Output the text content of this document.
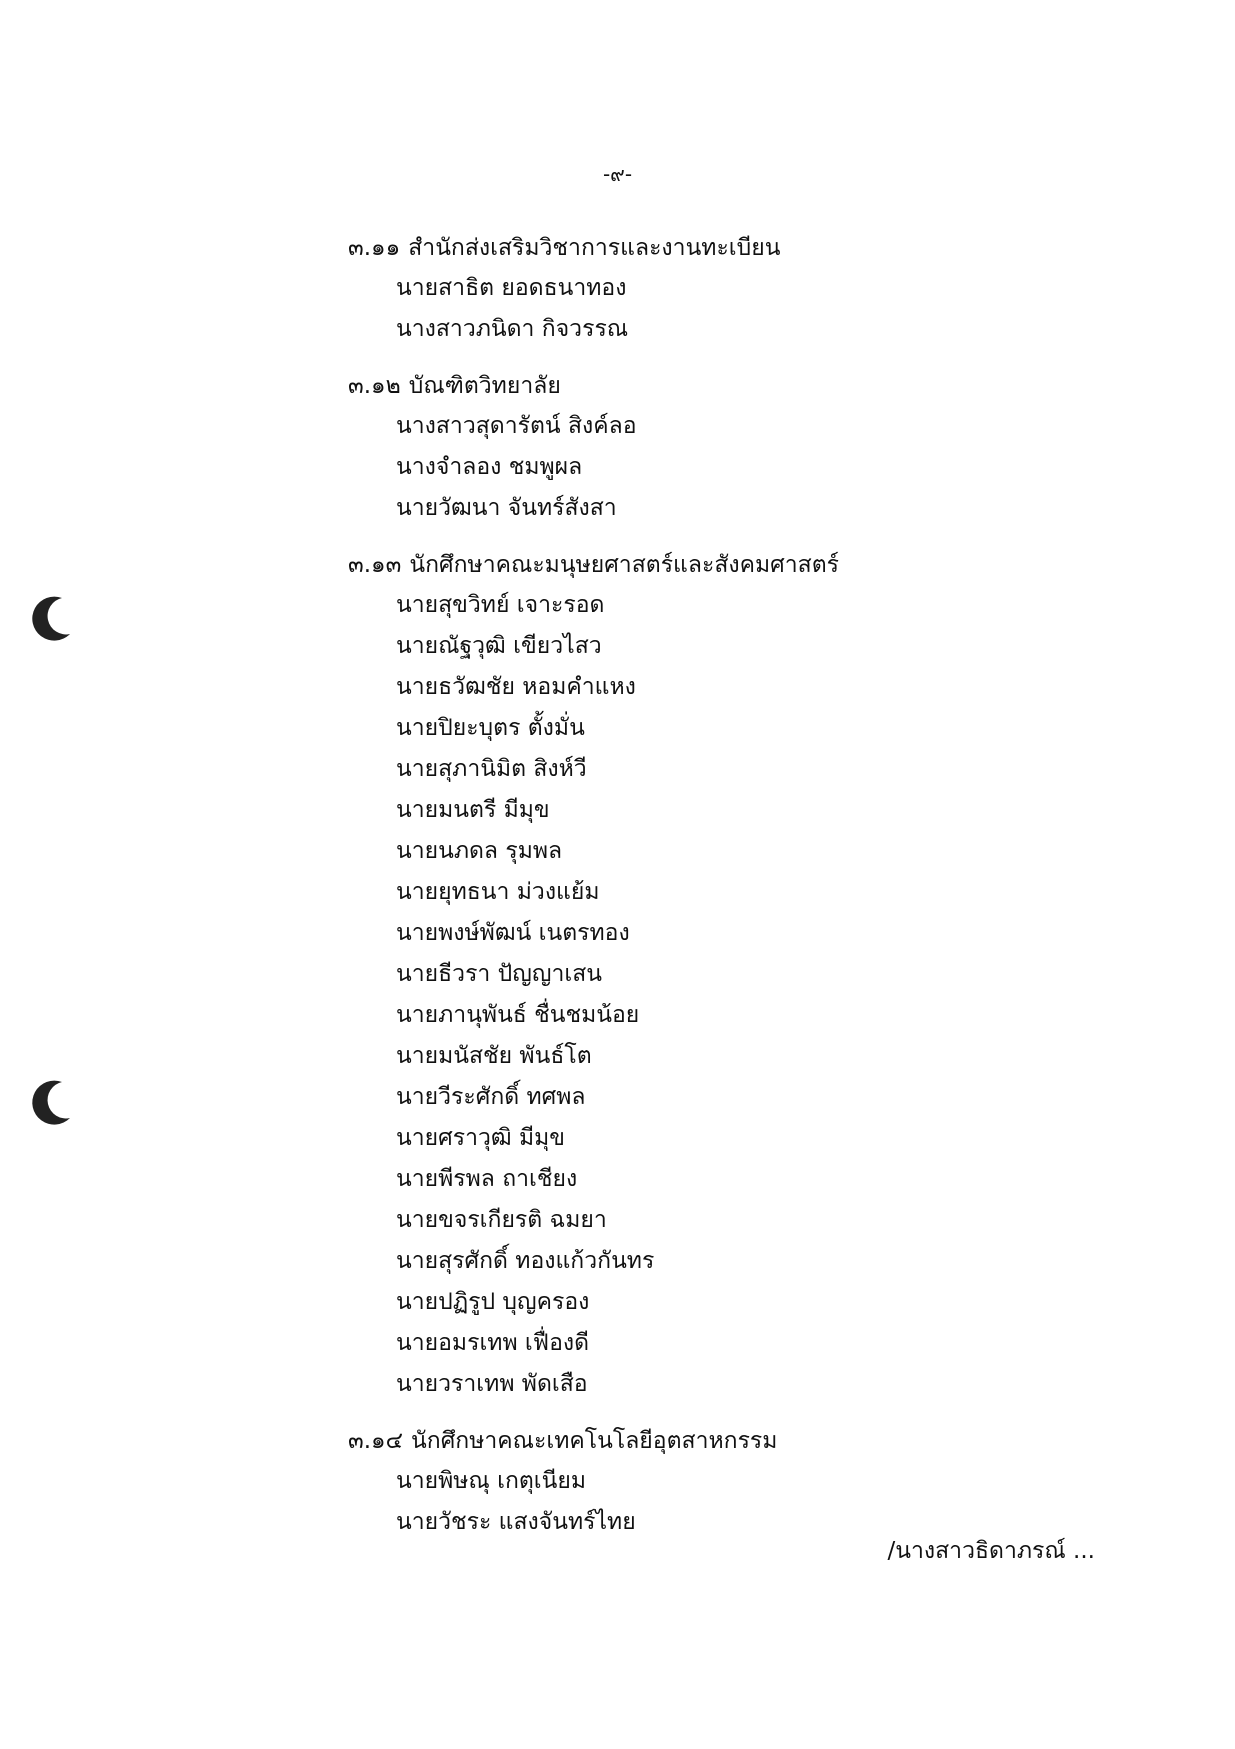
-๙-
๓.๑๑ สำนักส่งเสริมวิชาการและงานทะเบียน
นายสาธิต ยอดธนาทอง
นางสาวภนิดา กิจวรรณ
๓.๑๒ บัณฑิตวิทยาลัย
นางสาวสุดารัตน์ สิงค์ลอ
นางจำลอง ชมพูผล
นายวัฒนา จันทร์สังสา
๓.๑๓ นักศึกษาคณะมนุษยศาสตร์และสังคมศาสตร์
นายสุขวิทย์ เจาะรอด
นายณัฐวุฒิ เขียวไสว
นายธวัฒชัย หอมคำแหง
นายปิยะบุตร ตั้งมั่น
นายสุภานิมิต สิงห์วี
นายมนตรี มีมุข
นายนภดล รุมพล
นายยุทธนา ม่วงแย้ม
นายพงษ์พัฒน์ เนตรทอง
นายธีวรา ปัญญาเสน
นายภานุพันธ์ ชื่นชมน้อย
นายมนัสชัย พันธ์โต
นายวีระศักดิ์ ทศพล
นายศราวุฒิ มีมุข
นายพีรพล ถาเชียง
นายขจรเกียรติ ฉมยา
นายสุรศักดิ์ ทองแก้วกันทร
นายปฏิรูป บุญครอง
นายอมรเทพ เฟื่องดี
นายวราเทพ พัดเสือ
๓.๑๔ นักศึกษาคณะเทคโนโลยีอุตสาหกรรม
นายพิษณุ เกตุเนียม
นายวัชระ แสงจันทร์ไทย
/นางสาวธิดาภรณ์ ...
